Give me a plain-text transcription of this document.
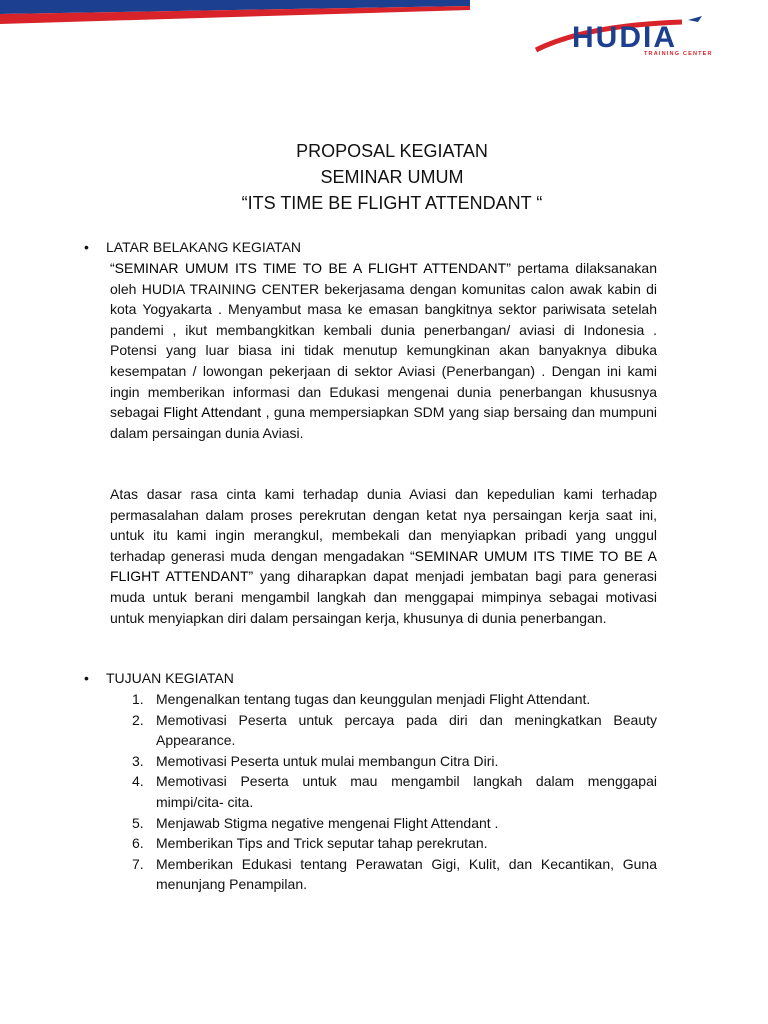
HUDIA
TRAINING CENTER
PROPOSAL KEGIATAN
SEMINAR UMUM
“ITS TIME BE FLIGHT ATTENDANT “
• LATAR BELAKANG KEGIATAN

“SEMINAR UMUM ITS TIME TO BE A FLIGHT ATTENDANT” pertama dilaksanakan oleh HUDIA TRAINING CENTER bekerjasama dengan komunitas calon awak kabin di kota Yogyakarta . Menyambut masa ke emasan bangkitnya sektor pariwisata setelah pandemi , ikut membangkitkan kembali dunia penerbangan/ aviasi di Indonesia . Potensi yang luar biasa ini tidak menutup kemungkinan akan banyaknya dibuka kesempatan / lowongan pekerjaan di sektor Aviasi (Penerbangan) . Dengan ini kami ingin memberikan informasi dan Edukasi mengenai dunia penerbangan khususnya sebagai Flight Attendant , guna mempersiapkan SDM yang siap bersaing dan mumpuni dalam persaingan dunia Aviasi.

Atas dasar rasa cinta kami terhadap dunia Aviasi dan kepedulian kami terhadap permasalahan dalam proses perekrutan dengan ketat nya persaingan kerja saat ini, untuk itu kami ingin merangkul, membekali dan menyiapkan pribadi yang unggul terhadap generasi muda dengan mengadakan “SEMINAR UMUM ITS TIME TO BE A FLIGHT ATTENDANT” yang diharapkan dapat menjadi jembatan bagi para generasi muda untuk berani mengambil langkah dan menggapai mimpinya sebagai motivasi untuk menyiapkan diri dalam persaingan kerja, khusunya di dunia penerbangan.

• TUJUAN KEGIATAN
1. Mengenalkan tentang tugas dan keunggulan menjadi Flight Attendant.
2. Memotivasi Peserta untuk percaya pada diri dan meningkatkan Beauty Appearance.
3. Memotivasi Peserta untuk mulai membangun Citra Diri.
4. Memotivasi Peserta untuk mau mengambil langkah dalam menggapai mimpi/cita- cita.
5. Menjawab Stigma negative mengenai Flight Attendant .
6. Memberikan Tips and Trick seputar tahap perekrutan.
7. Memberikan Edukasi tentang Perawatan Gigi, Kulit, dan Kecantikan, Guna menunjang Penampilan.
